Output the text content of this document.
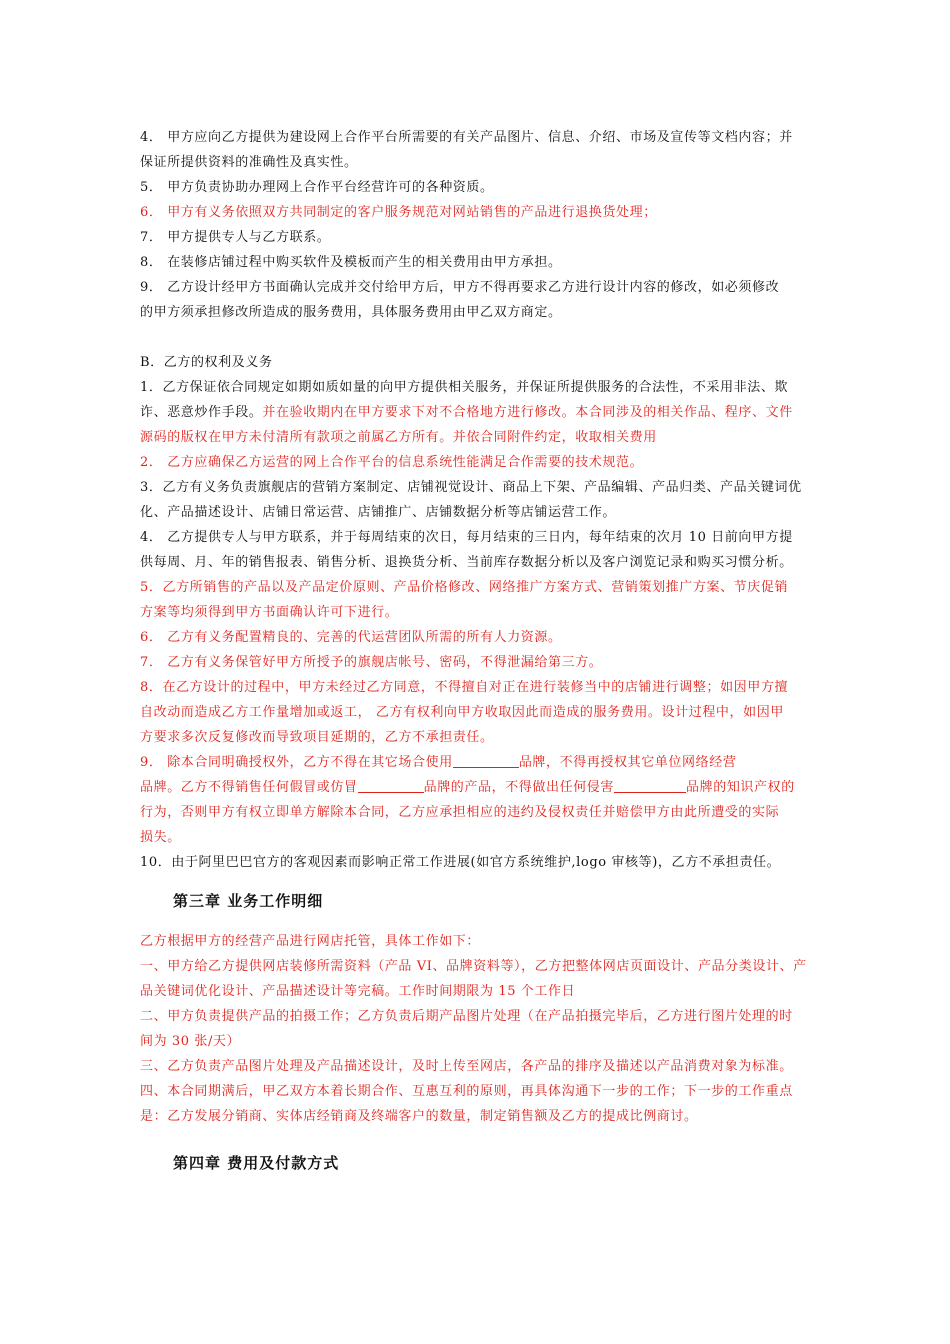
4． 甲方应向乙方提供为建设网上合作平台所需要的有关产品图片、信息、介绍、市场及宣传等文档内容；并
保证所提供资料的准确性及真实性。
5． 甲方负责协助办理网上合作平台经营许可的各种资质。
6． 甲方有义务依照双方共同制定的客户服务规范对网站销售的产品进行退换货处理；
7． 甲方提供专人与乙方联系。
8． 在装修店铺过程中购买软件及模板而产生的相关费用由甲方承担。
9． 乙方设计经甲方书面确认完成并交付给甲方后，甲方不得再要求乙方进行设计内容的修改，如必须修改
的甲方须承担修改所造成的服务费用，具体服务费用由甲乙双方商定。
B．乙方的权利及义务
1．乙方保证依合同规定如期如质如量的向甲方提供相关服务，并保证所提供服务的合法性，不采用非法、欺
诈、恶意炒作手段。并在验收期内在甲方要求下对不合格地方进行修改。本合同涉及的相关作品、程序、文件
源码的版权在甲方未付清所有款项之前属乙方所有。并依合同附件约定，收取相关费用
2． 乙方应确保乙方运营的网上合作平台的信息系统性能满足合作需要的技术规范。
3．乙方有义务负责旗舰店的营销方案制定、店铺视觉设计、商品上下架、产品编辑、产品归类、产品关键词优
化、产品描述设计、店铺日常运营、店铺推广、店铺数据分析等店铺运营工作。
4． 乙方提供专人与甲方联系，并于每周结束的次日，每月结束的三日内，每年结束的次月 10 日前向甲方提
供每周、月、年的销售报表、销售分析、退换货分析、当前库存数据分析以及客户浏览记录和购买习惯分析。
5．乙方所销售的产品以及产品定价原则、产品价格修改、网络推广方案方式、营销策划推广方案、节庆促销
方案等均须得到甲方书面确认许可下进行。
6． 乙方有义务配置精良的、完善的代运营团队所需的所有人力资源。
7． 乙方有义务保管好甲方所授予的旗舰店帐号、密码，不得泄漏给第三方。
8．在乙方设计的过程中，甲方未经过乙方同意，不得擅自对正在进行装修当中的店铺进行调整；如因甲方擅
自改动而造成乙方工作量增加或返工， 乙方有权利向甲方收取因此而造成的服务费用。设计过程中，如因甲
方要求多次反复修改而导致项目延期的，乙方不承担责任。
9． 除本合同明确授权外，乙方不得在其它场合使用	品牌，不得再授权其它单位网络经营
品牌。乙方不得销售任何假冒或仿冒	品牌的产品，不得做出任何侵害	品牌的知识产权的
行为，否则甲方有权立即单方解除本合同，乙方应承担相应的违约及侵权责任并赔偿甲方由此所遭受的实际
损失。
10．由于阿里巴巴官方的客观因素而影响正常工作进展(如官方系统维护,logo 审核等)，乙方不承担责任。
第三章 业务工作明细
乙方根据甲方的经营产品进行网店托管，具体工作如下：
一、甲方给乙方提供网店装修所需资料（产品 VI、品牌资料等），乙方把整体网店页面设计、产品分类设计、产
品关键词优化设计、产品描述设计等完稿。工作时间期限为 15 个工作日
二、甲方负责提供产品的拍摄工作；乙方负责后期产品图片处理（在产品拍摄完毕后，乙方进行图片处理的时
间为 30 张/天）
三、乙方负责产品图片处理及产品描述设计，及时上传至网店，各产品的排序及描述以产品消费对象为标准。
四、本合同期满后，甲乙双方本着长期合作、互惠互利的原则，再具体沟通下一步的工作；下一步的工作重点
是：乙方发展分销商、实体店经销商及终端客户的数量，制定销售额及乙方的提成比例商讨。
第四章 费用及付款方式
